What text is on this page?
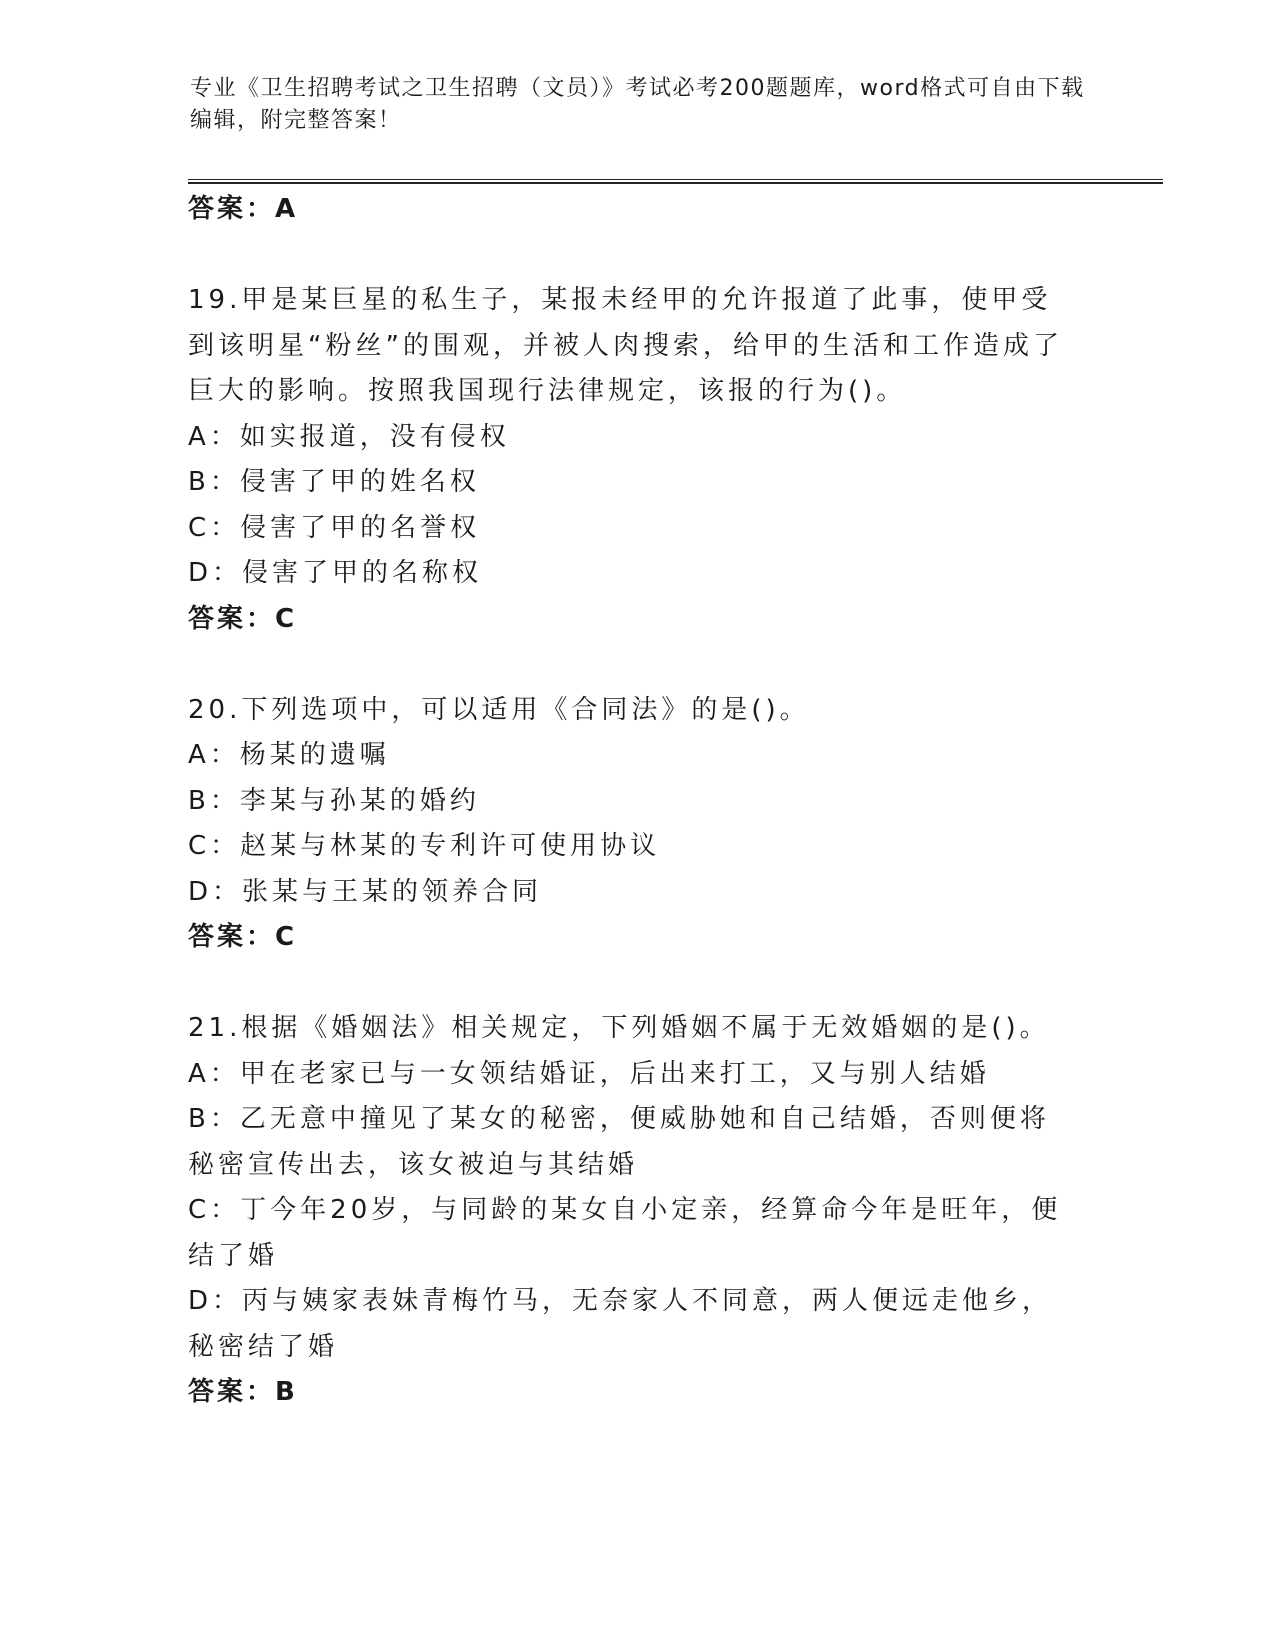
专业《卫生招聘考试之卫生招聘（文员）》考试必考200题题库，word格式可自由下载编辑，附完整答案！
答案：A
19.甲是某巨星的私生子，某报未经甲的允许报道了此事，使甲受到该明星“粉丝”的围观，并被人肉搜索，给甲的生活和工作造成了巨大的影响。按照我国现行法律规定，该报的行为()。
A：如实报道，没有侵权
B：侵害了甲的姓名权
C：侵害了甲的名誉权
D：侵害了甲的名称权
答案：C
20.下列选项中，可以适用《合同法》的是()。
A：杨某的遗嘱
B：李某与孙某的婚约
C：赵某与林某的专利许可使用协议
D：张某与王某的领养合同
答案：C
21.根据《婚姻法》相关规定，下列婚姻不属于无效婚姻的是()。
A：甲在老家已与一女领结婚证，后出来打工，又与别人结婚
B：乙无意中撞见了某女的秘密，便威胁她和自己结婚，否则便将秘密宣传出去，该女被迫与其结婚
C：丁今年20岁，与同龄的某女自小定亲，经算命今年是旺年，便结了婚
D：丙与姨家表妹青梅竹马，无奈家人不同意，两人便远走他乡，秘密结了婚
答案：B
